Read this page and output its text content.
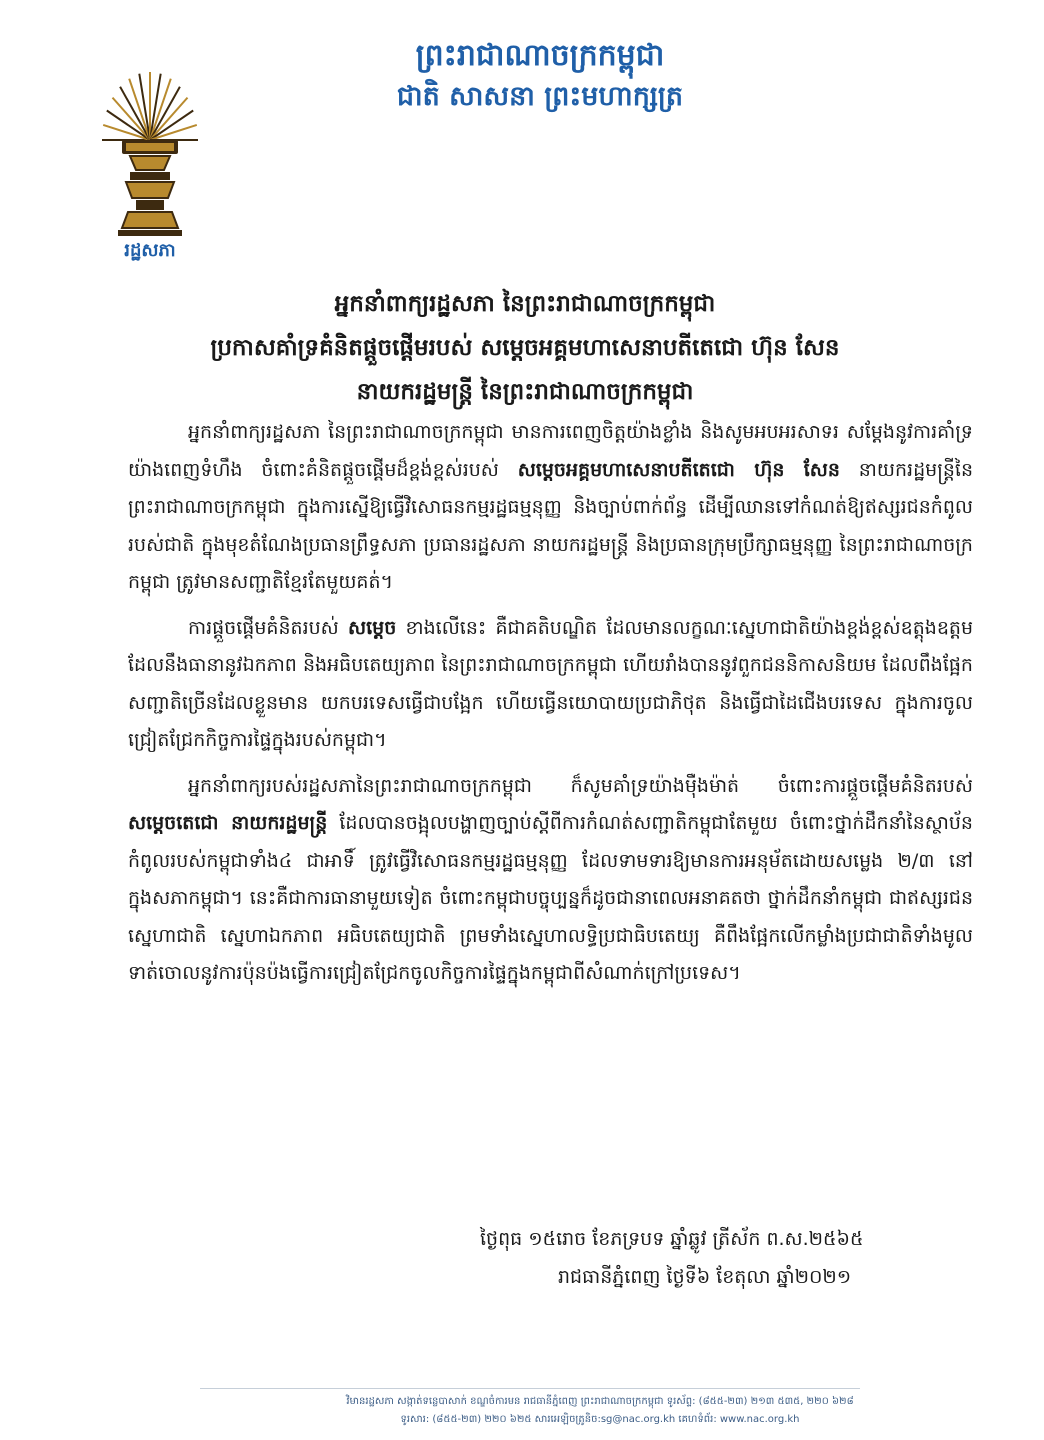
ព្រះរាជាណាចក្រកម្ពុជា
ជាតិ សាសនា ព្រះមហាក្សត្រ
រដ្ឋសភា
អ្នកនាំពាក្យរដ្ឋសភា នៃព្រះរាជាណាចក្រកម្ពុជា
ប្រកាសគាំទ្រគំនិតផ្ដួចផ្ដើមរបស់ សម្ដេចអគ្គមហាសេនាបតីតេជោ ហ៊ុន សែន
នាយករដ្ឋមន្ត្រី នៃព្រះរាជាណាចក្រកម្ពុជា

អ្នកនាំពាក្យរដ្ឋសភា នៃព្រះរាជាណាចក្រកម្ពុជា មានការពេញចិត្តយ៉ាងខ្លាំង និងសូមអបអរសាទរ សម្ដែងនូវការគាំទ្រយ៉ាងពេញទំហឹង ចំពោះគំនិតផ្ដួចផ្ដើមដ៏ខ្ពង់ខ្ពស់របស់ សម្ដេចអគ្គមហាសេនាបតីតេជោ ហ៊ុន សែន នាយករដ្ឋមន្ត្រីនៃព្រះរាជាណាចក្រកម្ពុជា ក្នុងការស្នើឱ្យធ្វើវិសោធនកម្មរដ្ឋធម្មនុញ្ញ និងច្បាប់ពាក់ព័ន្ធ ដើម្បីឈានទៅកំណត់ឱ្យឥស្សរជនកំពូលរបស់ជាតិ ក្នុងមុខតំណែងប្រធានព្រឹទ្ធសភា ប្រធានរដ្ឋសភា នាយករដ្ឋមន្ត្រី និងប្រធានក្រុមប្រឹក្សាធម្មនុញ្ញ នៃព្រះរាជាណាចក្រកម្ពុជា ត្រូវមានសញ្ជាតិខ្មែរតែមួយគត់។

ការផ្ដួចផ្ដើមគំនិតរបស់ សម្ដេច ខាងលើនេះ គឺជាគតិបណ្ឌិត ដែលមានលក្ខណៈស្នេហាជាតិយ៉ាងខ្ពង់ខ្ពស់ឧត្ដុងឧត្ដម ដែលនឹងធានានូវឯកភាព និងអធិបតេយ្យភាព នៃព្រះរាជាណាចក្រកម្ពុជា ហើយរាំងបាននូវពួកជននិកាសនិយម ដែលពឹងផ្អែកសញ្ជាតិច្រើនដែលខ្លួនមាន យកបរទេសធ្វើជាបង្អែក ហើយធ្វើនយោបាយប្រជាភិថុត និងធ្វើជាដៃជើងបរទេស ក្នុងការចូលជ្រៀតជ្រែកកិច្ចការផ្ទៃក្នុងរបស់កម្ពុជា។

អ្នកនាំពាក្យរបស់រដ្ឋសភានៃព្រះរាជាណាចក្រកម្ពុជា ក៏សូមគាំទ្រយ៉ាងម៉ឺងម៉ាត់ ចំពោះការផ្ដួចផ្ដើមគំនិតរបស់ សម្ដេចតេជោ នាយករដ្ឋមន្ត្រី ដែលបានចង្អុលបង្ហាញច្បាប់ស្ដីពីការកំណត់សញ្ជាតិកម្ពុជាតែមួយ ចំពោះថ្នាក់ដឹកនាំនៃស្ថាប័នកំពូលរបស់កម្ពុជាទាំង៤ ជាអាទិ៍ ត្រូវធ្វើវិសោធនកម្មរដ្ឋធម្មនុញ្ញ ដែលទាមទារឱ្យមានការអនុម័តដោយសម្លេង ២/៣ នៅក្នុងសភាកម្ពុជា។ នេះគឺជាការធានាមួយទៀត ចំពោះកម្ពុជាបច្ចុប្បន្នក៏ដូចជានាពេលអនាគតថា ថ្នាក់ដឹកនាំកម្ពុជា ជាឥស្សរជនស្នេហាជាតិ ស្នេហាឯកភាព អធិបតេយ្យជាតិ ព្រមទាំងស្នេហាលទ្ធិប្រជាធិបតេយ្យ គឺពឹងផ្អែកលើកម្លាំងប្រជាជាតិទាំងមូល ទាត់ចោលនូវការប៉ុនប៉ងធ្វើការជ្រៀតជ្រែកចូលកិច្ចការផ្ទៃក្នុងកម្ពុជាពីសំណាក់ក្រៅប្រទេស។

ថ្ងៃពុធ ១៥រោច ខែភទ្របទ ឆ្នាំឆ្លូវ ត្រីស័ក ព.ស.២៥៦៥
រាជធានីភ្នំពេញ ថ្ងៃទី៦ ខែតុលា ឆ្នាំ២០២១
វិមានរដ្ឋសភា សង្កាត់ទន្លេបាសាក់ ខណ្ឌចំការមន រាជធានីភ្នំពេញ ព្រះរាជាណាចក្រកម្ពុជា ទូរស័ព្ទ: (៨៥៥-២៣) ២១៣ ៥៣៥, ២២០ ៦២៨
ទូរសារ: (៨៥៥-២៣) ២២០ ៦២៥ សារអេឡិចត្រូនិច:sg@nac.org.kh គេហទំព័រ: www.nac.org.kh
